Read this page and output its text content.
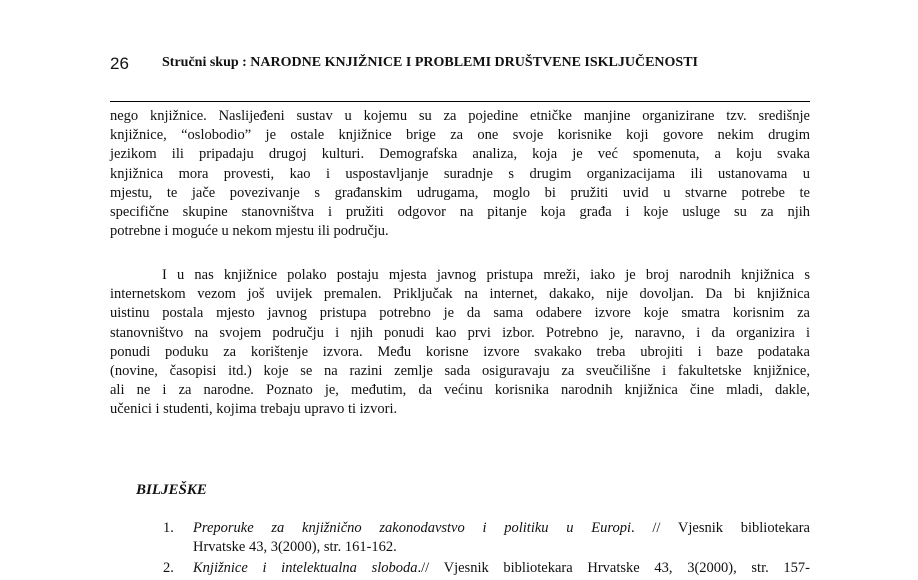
26 Stručni skup : NARODNE KNJIŽNICE I PROBLEMI DRUŠTVENE ISKLJUČENOSTI
nego knjižnice. Naslijeđeni sustav u kojemu su za pojedine etničke manjine organizirane tzv. središnje
knjižnice, “oslobodio” je ostale knjižnice brige za one svoje korisnike koji govore nekim drugim
jezikom ili pripadaju drugoj kulturi. Demografska analiza, koja je već spomenuta, a koju svaka
knjižnica mora provesti, kao i uspostavljanje suradnje s drugim organizacijama ili ustanovama u
mjestu, te jače povezivanje s građanskim udrugama, moglo bi pružiti uvid u stvarne potrebe te
specifične skupine stanovništva i pružiti odgovor na pitanje koja građa i koje usluge su za njih
potrebne i moguće u nekom mjestu ili području.
I u nas knjižnice polako postaju mjesta javnog pristupa mreži, iako je broj narodnih knjižnica s
internetskom vezom još uvijek premalen. Priključak na internet, dakako, nije dovoljan. Da bi knjižnica
uistinu postala mjesto javnog pristupa potrebno je da sama odabere izvore koje smatra korisnim za
stanovništvo na svojem području i njih ponudi kao prvi izbor. Potrebno je, naravno, i da organizira i
ponudi poduku za korištenje izvora. Među korisne izvore svakako treba ubrojiti i baze podataka
(novine, časopisi itd.) koje se na razini zemlje sada osiguravaju za sveučilišne i fakultetske knjižnice,
ali ne i za narodne. Poznato je, međutim, da većinu korisnika narodnih knjižnica čine mladi, dakle,
učenici i studenti, kojima trebaju upravo ti izvori.
BILJEŠKE
1. Preporuke za knjižnično zakonodavstvo i politiku u Europi. // Vjesnik bibliotekara
Hrvatske 43, 3(2000), str. 161-162.
2. Knjižnice i intelektualna sloboda.// Vjesnik bibliotekara Hrvatske 43, 3(2000), str. 157-
